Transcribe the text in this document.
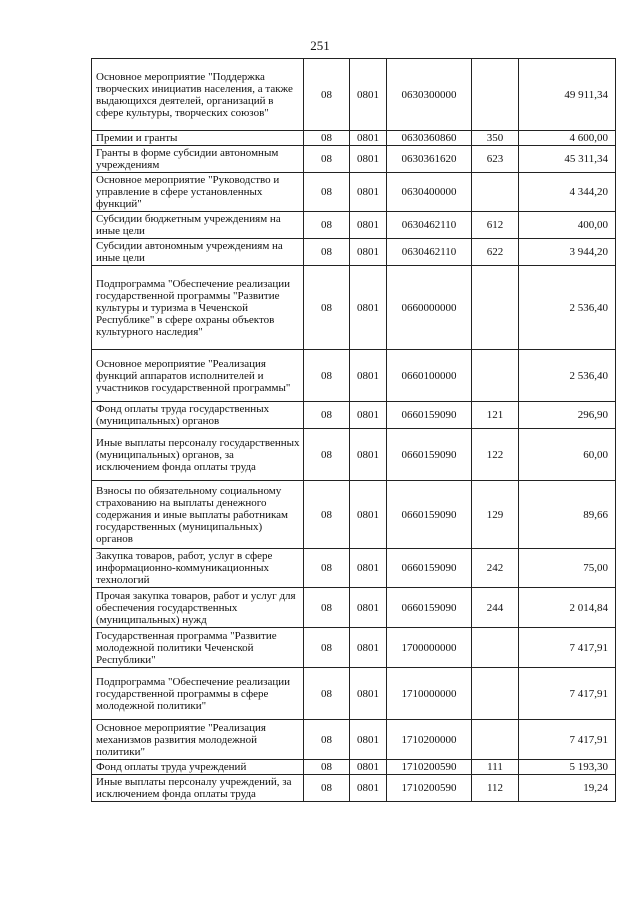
251
Основное мероприятие "Поддержка творческих инициатив населения, а также выдающихся деятелей, организаций в сфере культуры, творческих союзов"	08	0801	0630300000		49 911,34
Премии и гранты	08	0801	0630360860	350	4 600,00
Гранты в форме субсидии автономным учреждениям	08	0801	0630361620	623	45 311,34
Основное мероприятие "Руководство и управление в сфере установленных функций"	08	0801	0630400000		4 344,20
Субсидии бюджетным учреждениям на иные цели	08	0801	0630462110	612	400,00
Субсидии автономным учреждениям на иные цели	08	0801	0630462110	622	3 944,20
Подпрограмма "Обеспечение реализации государственной программы "Развитие культуры и туризма в Чеченской Республике" в сфере охраны объектов культурного наследия"	08	0801	0660000000		2 536,40
Основное мероприятие "Реализация функций аппаратов исполнителей и участников государственной программы"	08	0801	0660100000		2 536,40
Фонд оплаты труда государственных (муниципальных) органов	08	0801	0660159090	121	296,90
Иные выплаты персоналу государственных (муниципальных) органов, за исключением фонда оплаты труда	08	0801	0660159090	122	60,00
Взносы по обязательному социальному страхованию на выплаты денежного содержания и иные выплаты работникам государственных (муниципальных) органов	08	0801	0660159090	129	89,66
Закупка товаров, работ, услуг в сфере информационно-коммуникационных технологий	08	0801	0660159090	242	75,00
Прочая закупка товаров, работ и услуг для обеспечения государственных (муниципальных) нужд	08	0801	0660159090	244	2 014,84
Государственная программа "Развитие молодежной политики Чеченской Республики"	08	0801	1700000000		7 417,91
Подпрограмма "Обеспечение реализации государственной программы в сфере молодежной политики"	08	0801	1710000000		7 417,91
Основное мероприятие "Реализация механизмов развития молодежной политики"	08	0801	1710200000		7 417,91
Фонд оплаты труда учреждений	08	0801	1710200590	111	5 193,30
Иные выплаты персоналу учреждений, за исключением фонда оплаты труда	08	0801	1710200590	112	19,24
